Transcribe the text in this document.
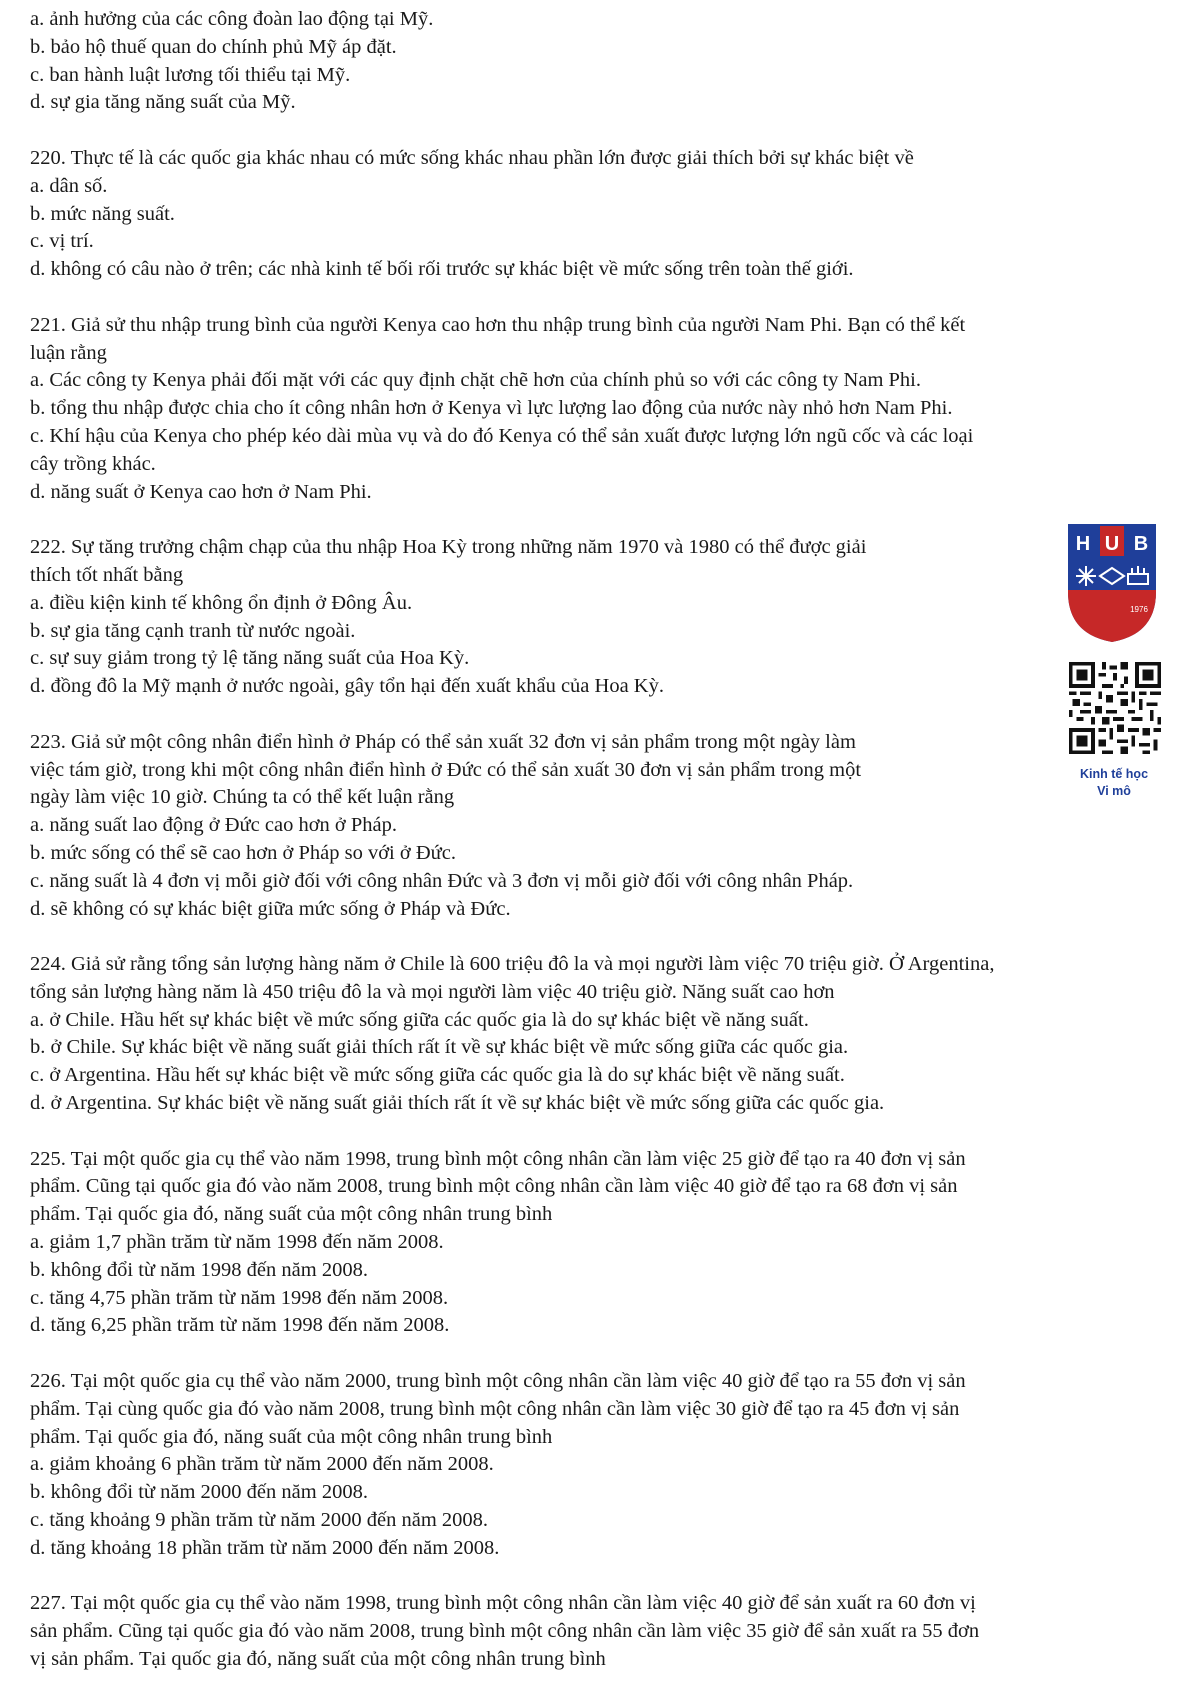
a. ảnh hưởng của các công đoàn lao động tại Mỹ.
b. bảo hộ thuế quan do chính phủ Mỹ áp đặt.
c. ban hành luật lương tối thiểu tại Mỹ.
d. sự gia tăng năng suất của Mỹ.
220. Thực tế là các quốc gia khác nhau có mức sống khác nhau phần lớn được giải thích bởi sự khác biệt về
a. dân số.
b. mức năng suất.
c. vị trí.
d. không có câu nào ở trên; các nhà kinh tế bối rối trước sự khác biệt về mức sống trên toàn thế giới.
221. Giả sử thu nhập trung bình của người Kenya cao hơn thu nhập trung bình của người Nam Phi. Bạn có thể kết
luận rằng
a. Các công ty Kenya phải đối mặt với các quy định chặt chẽ hơn của chính phủ so với các công ty Nam Phi.
b. tổng thu nhập được chia cho ít công nhân hơn ở Kenya vì lực lượng lao động của nước này nhỏ hơn Nam Phi.
c. Khí hậu của Kenya cho phép kéo dài mùa vụ và do đó Kenya có thể sản xuất được lượng lớn ngũ cốc và các loại
cây trồng khác.
d. năng suất ở Kenya cao hơn ở Nam Phi.
222. Sự tăng trưởng chậm chạp của thu nhập Hoa Kỳ trong những năm 1970 và 1980 có thể được giải
thích tốt nhất bằng
a. điều kiện kinh tế không ổn định ở Đông Âu.
b. sự gia tăng cạnh tranh từ nước ngoài.
c. sự suy giảm trong tỷ lệ tăng năng suất của Hoa Kỳ.
d. đồng đô la Mỹ mạnh ở nước ngoài, gây tổn hại đến xuất khẩu của Hoa Kỳ.
223. Giả sử một công nhân điển hình ở Pháp có thể sản xuất 32 đơn vị sản phẩm trong một ngày làm
việc tám giờ, trong khi một công nhân điển hình ở Đức có thể sản xuất 30 đơn vị sản phẩm trong một
ngày làm việc 10 giờ. Chúng ta có thể kết luận rằng
a. năng suất lao động ở Đức cao hơn ở Pháp.
b. mức sống có thể sẽ cao hơn ở Pháp so với ở Đức.
c. năng suất là 4 đơn vị mỗi giờ đối với công nhân Đức và 3 đơn vị mỗi giờ đối với công nhân Pháp.
d. sẽ không có sự khác biệt giữa mức sống ở Pháp và Đức.
224. Giả sử rằng tổng sản lượng hàng năm ở Chile là 600 triệu đô la và mọi người làm việc 70 triệu giờ. Ở Argentina,
tổng sản lượng hàng năm là 450 triệu đô la và mọi người làm việc 40 triệu giờ. Năng suất cao hơn
a. ở Chile. Hầu hết sự khác biệt về mức sống giữa các quốc gia là do sự khác biệt về năng suất.
b. ở Chile. Sự khác biệt về năng suất giải thích rất ít về sự khác biệt về mức sống giữa các quốc gia.
c. ở Argentina. Hầu hết sự khác biệt về mức sống giữa các quốc gia là do sự khác biệt về năng suất.
d. ở Argentina. Sự khác biệt về năng suất giải thích rất ít về sự khác biệt về mức sống giữa các quốc gia.
225. Tại một quốc gia cụ thể vào năm 1998, trung bình một công nhân cần làm việc 25 giờ để tạo ra 40 đơn vị sản
phẩm. Cũng tại quốc gia đó vào năm 2008, trung bình một công nhân cần làm việc 40 giờ để tạo ra 68 đơn vị sản
phẩm. Tại quốc gia đó, năng suất của một công nhân trung bình
a. giảm 1,7 phần trăm từ năm 1998 đến năm 2008.
b. không đổi từ năm 1998 đến năm 2008.
c. tăng 4,75 phần trăm từ năm 1998 đến năm 2008.
d. tăng 6,25 phần trăm từ năm 1998 đến năm 2008.
226. Tại một quốc gia cụ thể vào năm 2000, trung bình một công nhân cần làm việc 40 giờ để tạo ra 55 đơn vị sản
phẩm. Tại cùng quốc gia đó vào năm 2008, trung bình một công nhân cần làm việc 30 giờ để tạo ra 45 đơn vị sản
phẩm. Tại quốc gia đó, năng suất của một công nhân trung bình
a. giảm khoảng 6 phần trăm từ năm 2000 đến năm 2008.
b. không đổi từ năm 2000 đến năm 2008.
c. tăng khoảng 9 phần trăm từ năm 2000 đến năm 2008.
d. tăng khoảng 18 phần trăm từ năm 2000 đến năm 2008.
227. Tại một quốc gia cụ thể vào năm 1998, trung bình một công nhân cần làm việc 40 giờ để sản xuất ra 60 đơn vị
sản phẩm. Cũng tại quốc gia đó vào năm 2008, trung bình một công nhân cần làm việc 35 giờ để sản xuất ra 55 đơn
vị sản phẩm. Tại quốc gia đó, năng suất của một công nhân trung bình
H U B
1976
Kinh tế học
Vi mô
